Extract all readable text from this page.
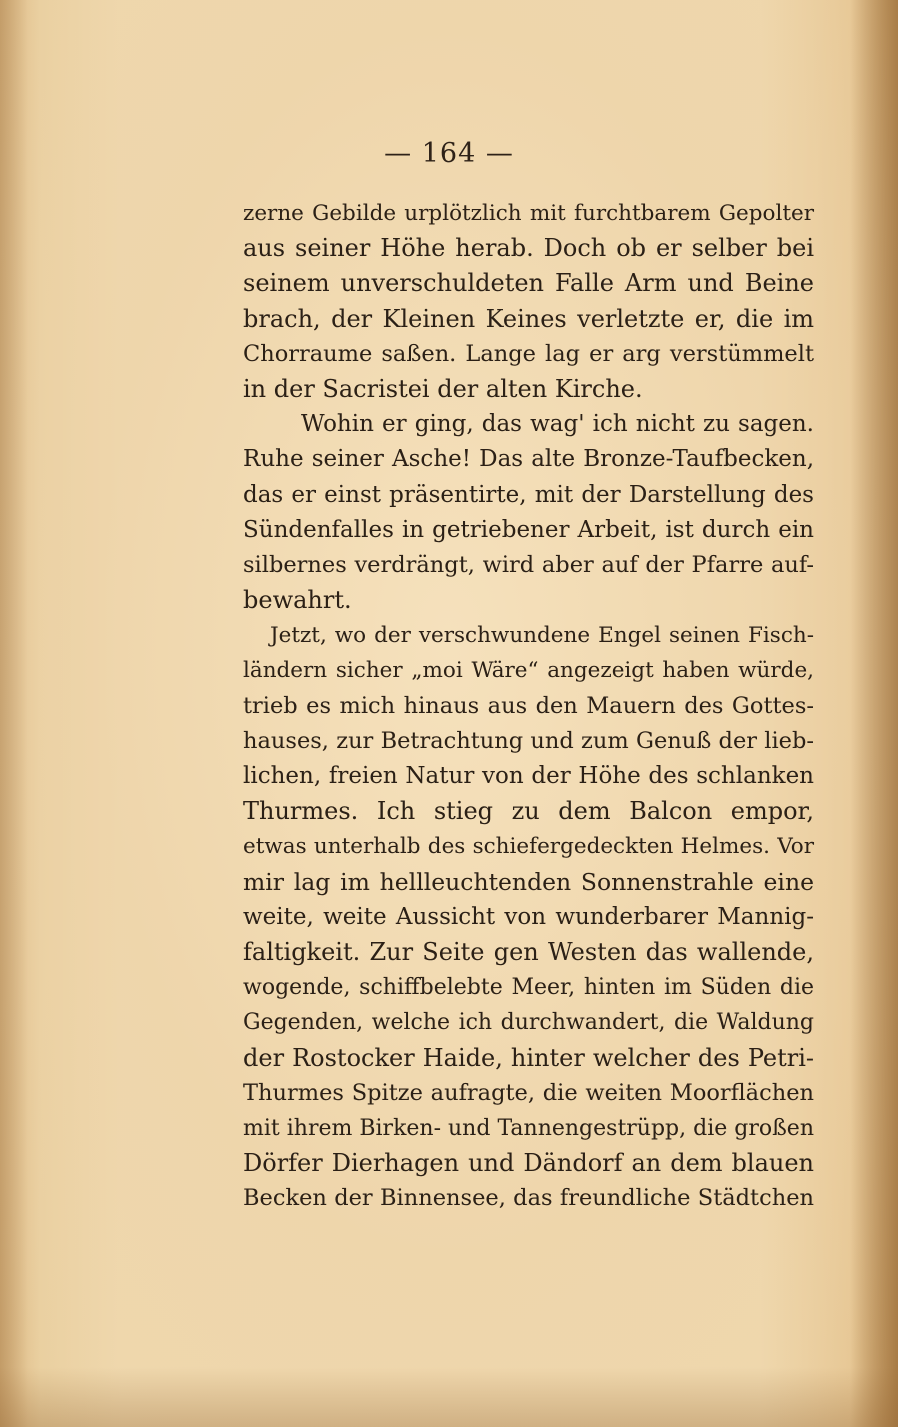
— 164 —

zerne Gebilde urplötzlich mit furchtbarem Gepolter
aus seiner Höhe herab. Doch ob er selber bei
seinem unverschuldeten Falle Arm und Beine
brach, der Kleinen Keines verletzte er, die im
Chorraume saßen. Lange lag er arg verstümmelt
in der Sacristei der alten Kirche.
Wohin er ging, das wag' ich nicht zu sagen.
Ruhe seiner Asche! Das alte Bronze-Taufbecken,
das er einst präsentirte, mit der Darstellung des
Sündenfalles in getriebener Arbeit, ist durch ein
silbernes verdrängt, wird aber auf der Pfarre auf-
bewahrt.
Jetzt, wo der verschwundene Engel seinen Fisch-
ländern sicher „moi Wäre“ angezeigt haben würde,
trieb es mich hinaus aus den Mauern des Gottes-
hauses, zur Betrachtung und zum Genuß der lieb-
lichen, freien Natur von der Höhe des schlanken
Thurmes. Ich stieg zu dem Balcon empor,
etwas unterhalb des schiefergedeckten Helmes. Vor
mir lag im hellleuchtenden Sonnenstrahle eine
weite, weite Aussicht von wunderbarer Mannig-
faltigkeit. Zur Seite gen Westen das wallende,
wogende, schiffbelebte Meer, hinten im Süden die
Gegenden, welche ich durchwandert, die Waldung
der Rostocker Haide, hinter welcher des Petri-
Thurmes Spitze aufragte, die weiten Moorflächen
mit ihrem Birken- und Tannengestrüpp, die großen
Dörfer Dierhagen und Dändorf an dem blauen
Becken der Binnensee, das freundliche Städtchen
